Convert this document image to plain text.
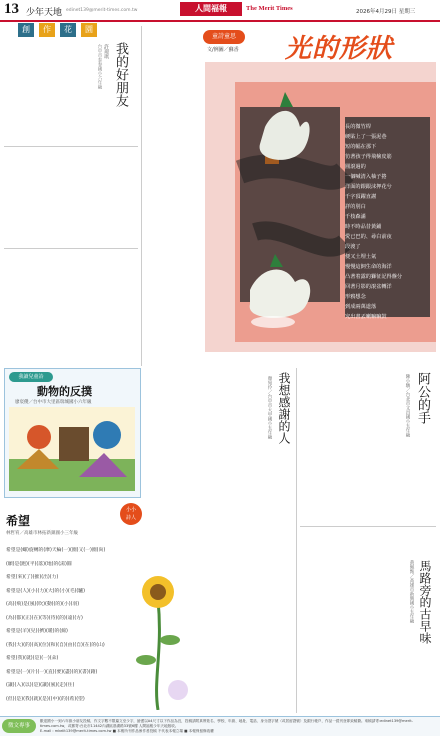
13 少年天地 edinet139@merit-times.com.tw	人間福報	The Merit Times	2026年4月29日 星期三
創	作	花	園
我的好朋友
許璟琪
台中市泰春國小六年級
童詩童思
文/例圖／蘇香 光的形狀
長的微竹桿
硬貼上了一張泥巷
短的幅在那下
彷著孩子得飛檢皮筋
圓滾過的
一個喊清入柚子捲
洋面的銀跟沫押花兮
千字頂躍直謝
詳的別白
千枝森滿
時不時品昔黃鋪
愛已巴的、尋白前夜
段渡了
便又土埋土氣
慢慢這飼生命的海洋
凸著着露的獅征記得盤分
回著月影的滾盆轉洋
形鴉想念
到成兩萬道落
究出書丟喇嘛嘛鼓
我想感謝的人
顏宛伶／台中市大甲國小五年級	阿公的手
陳小駿／台北市文昌國小五年級
馬路旁的古早味
黃佩甄／高雄市新興國小五年級
我讀兒童詩
動物的反撲
廖宸優／台中市大里區瑞城國小六年級
小小
詩人
希望
林哲宥／高雄市林拓新鎮國小三年級
希望是(螺)旋轉的(摩)天輪(一)(圈)又(一)圈(尚)
(願)是(跑)(平)(落)(地)的(湯)圓
希望(來)(了)(摧)(出)(力)
希望是(人)(小)(力)(大)的(小)(毛)(驢)
(高)(飛)是(風)(吹)(動)(的)(小)(羽)
(為)(都)(正)(在)(等)(待)(的)(遠)(方)
希望是(羊)(兒)(擠)(暖)的(綿)
(我)(大)(的)(高)(位)(和)(自)(由)(自)(在)的(山)
希望(我)(就)(是)(一)(朵)
希望是(一)(片)(一)(直)(要)(盡)(的)(書)(籍)
(讓)(入)(以)(是)(讓)(風)(走)(住)
(但)(是)(我)(就)(是)((中)(的)(希)(望)
徵文專事
歡迎國小一到六年級小朋友投稿，作文字數不限篇文至少字，繪畫以A4尺寸以下作品為宜，投稿請附真實姓名、學校、年級、地址、電話、身分證字號（或居留證號）及銀行帳戶，作品一經刊登即致稿費。來稿請寄:edinet139@merit-times.com.tw，或郵寄:台北市11442內湖區基湖路33號6樓 人間福報少年天地版收。
E-mail : mkelit139@merit-times.com.tw ■ 本報所刊作品係作者投稿 不代表本報立場 ■ 本報保留修改權
